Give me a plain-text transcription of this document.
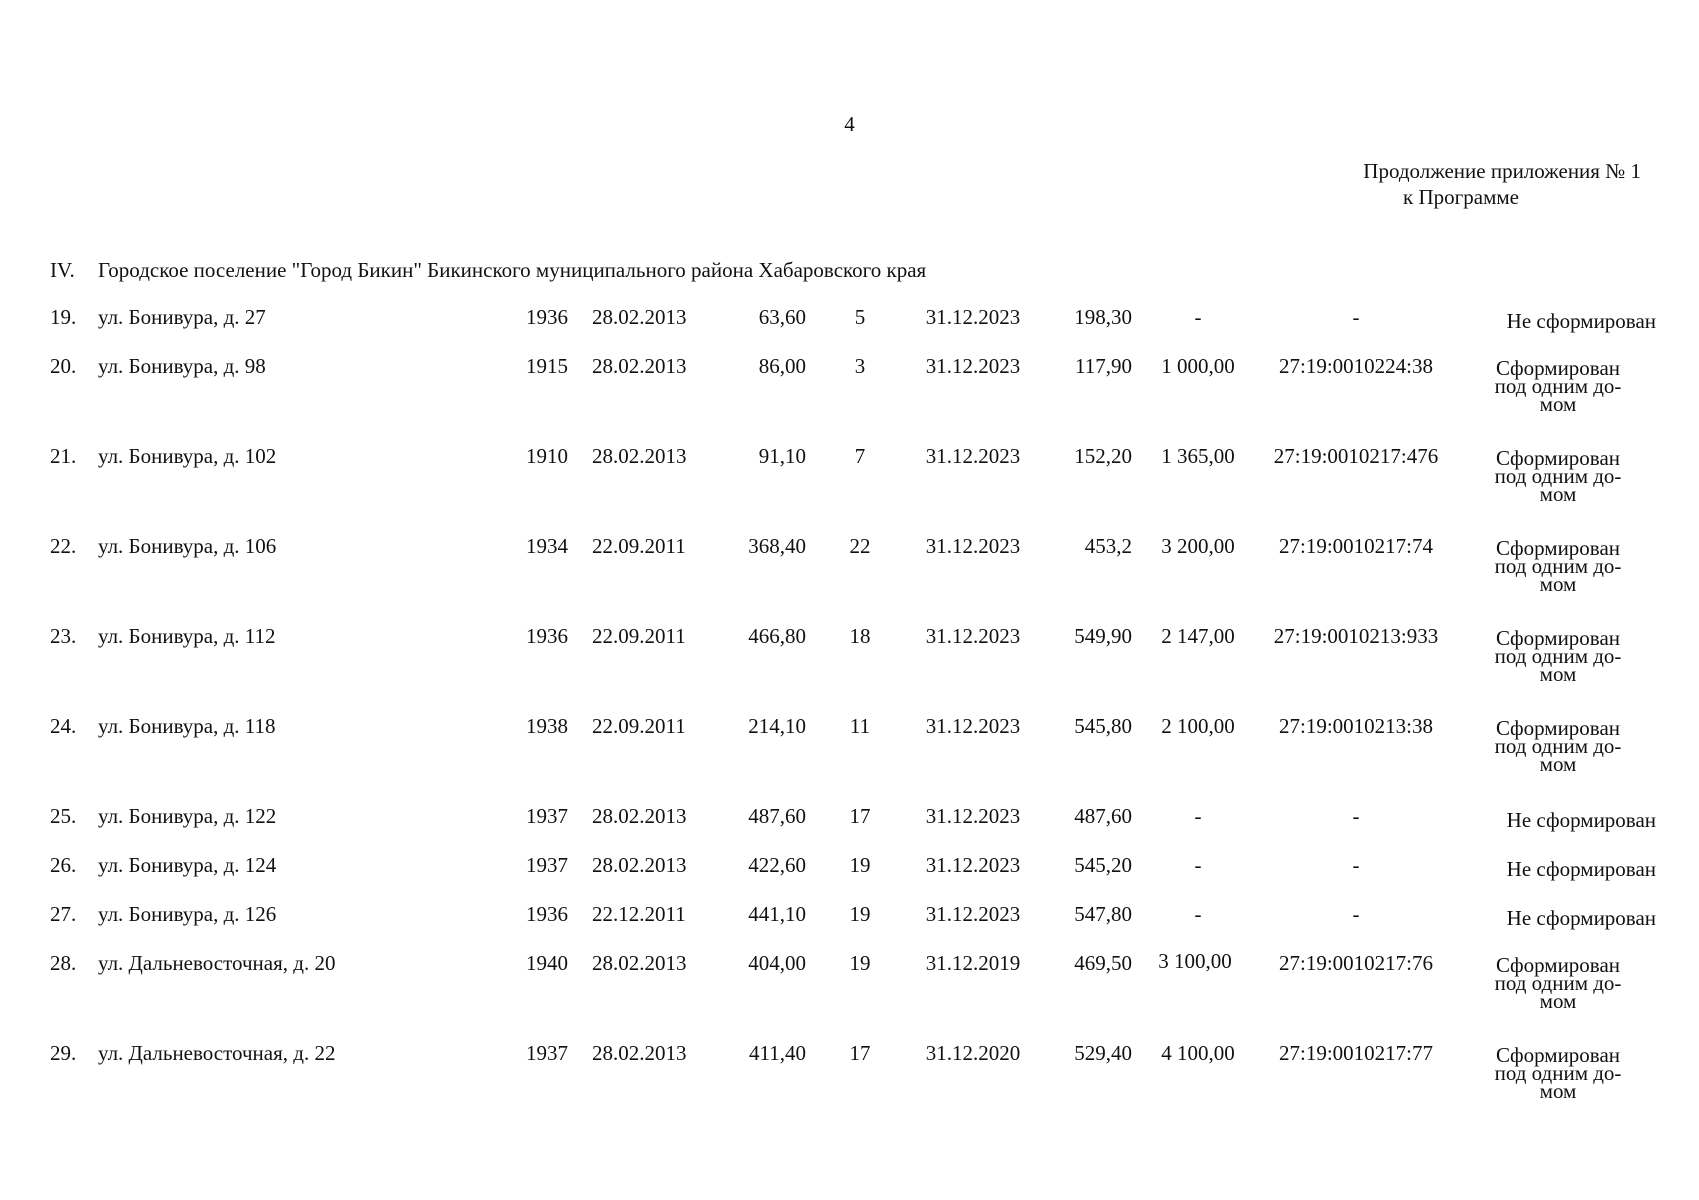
4
Продолжение приложения № 1
к Программе
IV. Городское поселение "Город Бикин" Бикинского муниципального района Хабаровского края
19. ул. Бонивура, д. 27	1936 28.02.2013	63,60	5	31.12.2023	198,30	-	-	Не сформирован
20. ул. Бонивура, д. 98	1915 28.02.2013	86,00	3	31.12.2023	117,90	1 000,00	27:19:0010224:38	Сформирован
под одним до-
мом
21. ул. Бонивура, д. 102	1910 28.02.2013	91,10	7	31.12.2023	152,20	1 365,00	27:19:0010217:476	Сформирован
под одним до-
мом
22. ул. Бонивура, д. 106	1934 22.09.2011	368,40	22	31.12.2023	453,2	3 200,00	27:19:0010217:74	Сформирован
под одним до-
мом
23. ул. Бонивура, д. 112	1936 22.09.2011	466,80	18	31.12.2023	549,90	2 147,00	27:19:0010213:933	Сформирован
под одним до-
мом
24. ул. Бонивура, д. 118	1938 22.09.2011	214,10	11	31.12.2023	545,80	2 100,00	27:19:0010213:38	Сформирован
под одним до-
мом
25. ул. Бонивура, д. 122	1937 28.02.2013	487,60	17	31.12.2023	487,60	-	-	Не сформирован
26. ул. Бонивура, д. 124	1937 28.02.2013	422,60	19	31.12.2023	545,20	-	-	Не сформирован
27. ул. Бонивура, д. 126	1936 22.12.2011	441,10	19	31.12.2023	547,80	-	-	Не сформирован
28. ул. Дальневосточная, д. 20	1940 28.02.2013	404,00	19	31.12.2019	469,50	3 100,00	27:19:0010217:76	Сформирован
под одним до-
мом
29. ул. Дальневосточная, д. 22	1937 28.02.2013	411,40	17	31.12.2020	529,40	4 100,00	27:19:0010217:77	Сформирован
под одним до-
мом
